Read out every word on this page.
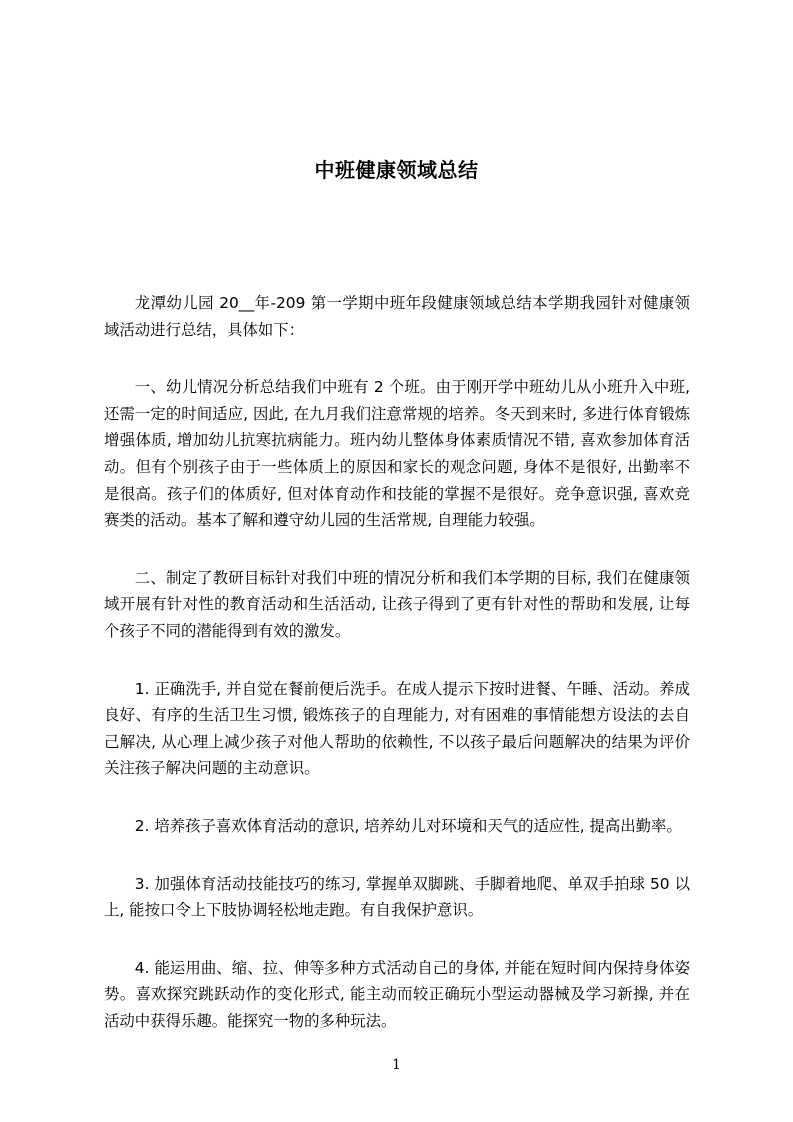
中班健康领域总结

龙潭幼儿园 20__年-209 第一学期中班年段健康领域总结本学期我园针对健康领域活动进行总结，具体如下：

一、幼儿情况分析总结我们中班有 2 个班。由于刚开学中班幼儿从小班升入中班, 还需一定的时间适应, 因此, 在九月我们注意常规的培养。冬天到来时, 多进行体育锻炼增强体质, 增加幼儿抗寒抗病能力。班内幼儿整体身体素质情况不错, 喜欢参加体育活动。但有个别孩子由于一些体质上的原因和家长的观念问题, 身体不是很好, 出勤率不是很高。孩子们的体质好, 但对体育动作和技能的掌握不是很好。竞争意识强, 喜欢竞赛类的活动。基本了解和遵守幼儿园的生活常规, 自理能力较强。

二、制定了教研目标针对我们中班的情况分析和我们本学期的目标, 我们在健康领域开展有针对性的教育活动和生活活动, 让孩子得到了更有针对性的帮助和发展, 让每个孩子不同的潜能得到有效的激发。

1. 正确洗手, 并自觉在餐前便后洗手。在成人提示下按时进餐、午睡、活动。养成良好、有序的生活卫生习惯, 锻炼孩子的自理能力, 对有困难的事情能想方设法的去自己解决, 从心理上减少孩子对他人帮助的依赖性, 不以孩子最后问题解决的结果为评价关注孩子解决问题的主动意识。

2. 培养孩子喜欢体育活动的意识, 培养幼儿对环境和天气的适应性, 提高出勤率。

3. 加强体育活动技能技巧的练习, 掌握单双脚跳、手脚着地爬、单双手拍球 50 以上, 能按口令上下肢协调轻松地走跑。有自我保护意识。

4. 能运用曲、缩、拉、伸等多种方式活动自己的身体, 并能在短时间内保持身体姿势。喜欢探究跳跃动作的变化形式, 能主动而较正确玩小型运动器械及学习新操, 并在活动中获得乐趣。能探究一物的多种玩法。

1
